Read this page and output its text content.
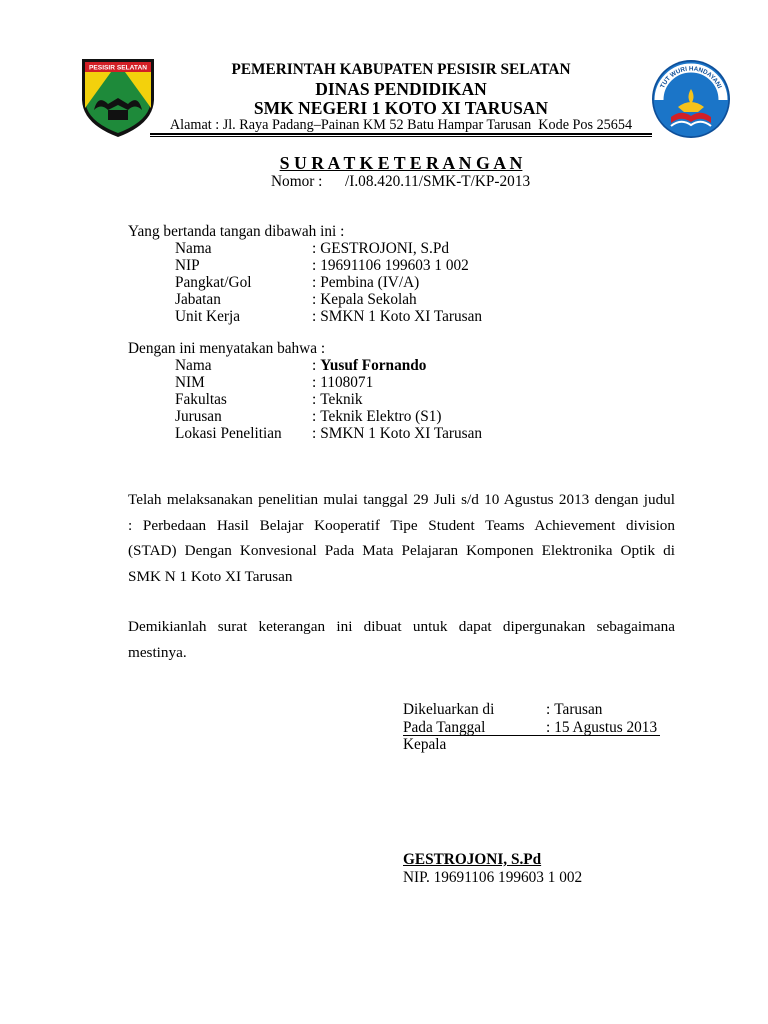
PESISIR SELATAN
TUT WURI HANDAYANI
PEMERINTAH KABUPATEN PESISIR SELATAN
DINAS PENDIDIKAN
SMK NEGERI 1 KOTO XI TARUSAN
Alamat : Jl. Raya Padang–Painan KM 52 Batu Hampar Tarusan  Kode Pos 25654
S U R A T K E T E R A N G A N
Nomor : /I.08.420.11/SMK-T/KP-2013
Yang bertanda tangan dibawah ini :
Nama	: GESTROJONI, S.Pd
NIP	: 19691106 199603 1 002
Pangkat/Gol	: Pembina (IV/A)
Jabatan	: Kepala Sekolah
Unit Kerja	: SMKN 1 Koto XI Tarusan
Dengan ini menyatakan bahwa :
Nama	: Yusuf Fornando
NIM	: 1108071
Fakultas	: Teknik
Jurusan	: Teknik Elektro (S1)
Lokasi Penelitian	: SMKN 1 Koto XI Tarusan
Telah melaksanakan penelitian mulai tanggal 29 Juli s/d 10 Agustus 2013 dengan judul
: Perbedaan Hasil Belajar Kooperatif Tipe Student Teams Achievement division
(STAD) Dengan Konvesional Pada Mata Pelajaran Komponen Elektronika Optik di
SMK N 1 Koto XI Tarusan
Demikianlah surat keterangan ini dibuat untuk dapat dipergunakan sebagaimana
mestinya.
Dikeluarkan di	: Tarusan
Pada Tanggal	: 15 Agustus 2013
Kepala
GESTROJONI, S.Pd
NIP. 19691106 199603 1 002
